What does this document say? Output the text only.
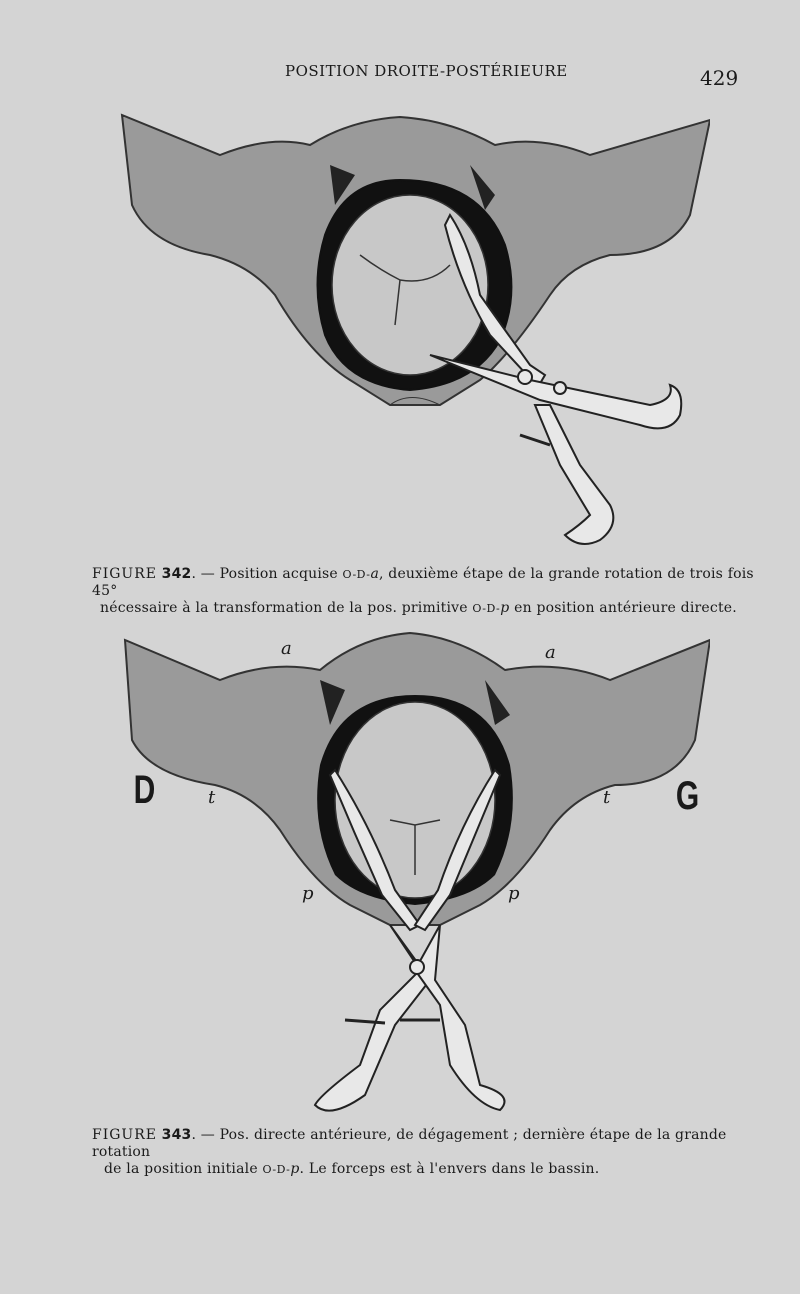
POSITION DROITE-POSTÉRIEURE	429
FIGURE 342. — Position acquise O-D-a, deuxième étape de la grande rotation de trois fois 45°
nécessaire à la transformation de la pos. primitive O-D-p en position antérieure directe.
a	a
t	t
p	p
D	G
FIGURE 343. — Pos. directe antérieure, de dégagement ; dernière étape de la grande rotation
de la position initiale O-D-p. Le forceps est à l'envers dans le bassin.
